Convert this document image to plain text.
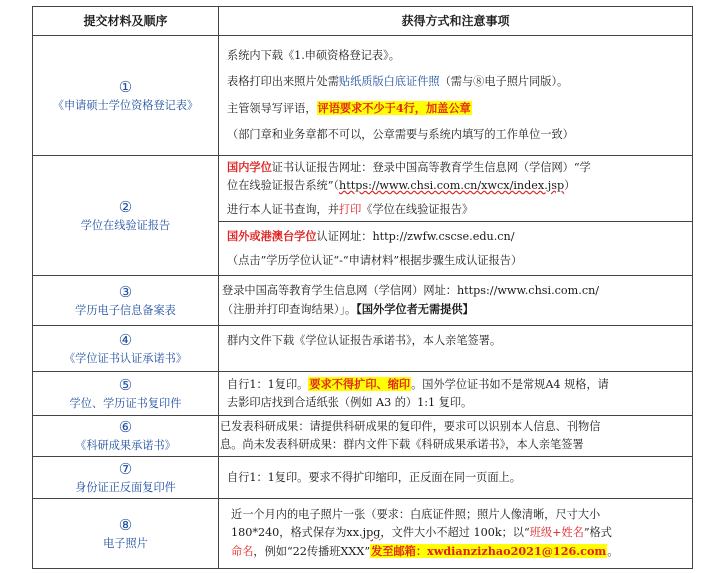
提交材料及顺序	获得方式和注意事项

①
《申请硕士学位资格登记表》	系统内下载《1.申硕资格登记表》。
表格打印出来照片处需贴纸质版白底证件照（需与⑧电子照片同版）。
主管领导写评语，评语要求不少于4行，加盖公章
（部门章和业务章都不可以，公章需要与系统内填写的工作单位一致）

②
学位在线验证报告	国内学位证书认证报告网址：登录中国高等教育学生信息网（学信网）“学
位在线验证报告系统”（https://www.chsi.com.cn/xwcx/index.jsp）
进行本人证书查询，并打印《学位在线验证报告》

	国外或港澳台学位认证网址：http://zwfw.cscse.edu.cn/
（点击”学历学位认证“-“申请材料”根据步骤生成认证报告）

③
学历电子信息备案表	登录中国高等教育学生信息网（学信网）网址：https://www.chsi.com.cn/
（注册并打印查询结果）」。【国外学位者无需提供】

④
《学位证书认证承诺书》	群内文件下载《学位认证报告承诺书》，本人亲笔签署。

⑤
学位、学历证书复印件	自行1：1复印。要求不得扩印、缩印。国外学位证书如不是常规A4 规格，请
去影印店找到合适纸张（例如 A3 的）1:1 复印。

⑥
《科研成果承诺书》	已发表科研成果：请提供科研成果的复印件，要求可以识别本人信息、刊物信
息。尚未发表科研成果：群内文件下载《科研成果承诺书》，本人亲笔签署

⑦
身份证正反面复印件	自行1：1复印。要求不得扩印缩印，正反面在同一页面上。

⑧
电子照片	近一个月内的电子照片一张（要求：白底证件照；照片人像清晰，尺寸大小
180*240，格式保存为xx.jpg，文件大小不超过 100k；以“班级+姓名”格式
命名，例如“22传播班XXX”发至邮箱：xwdianzizhao2021@126.com。
